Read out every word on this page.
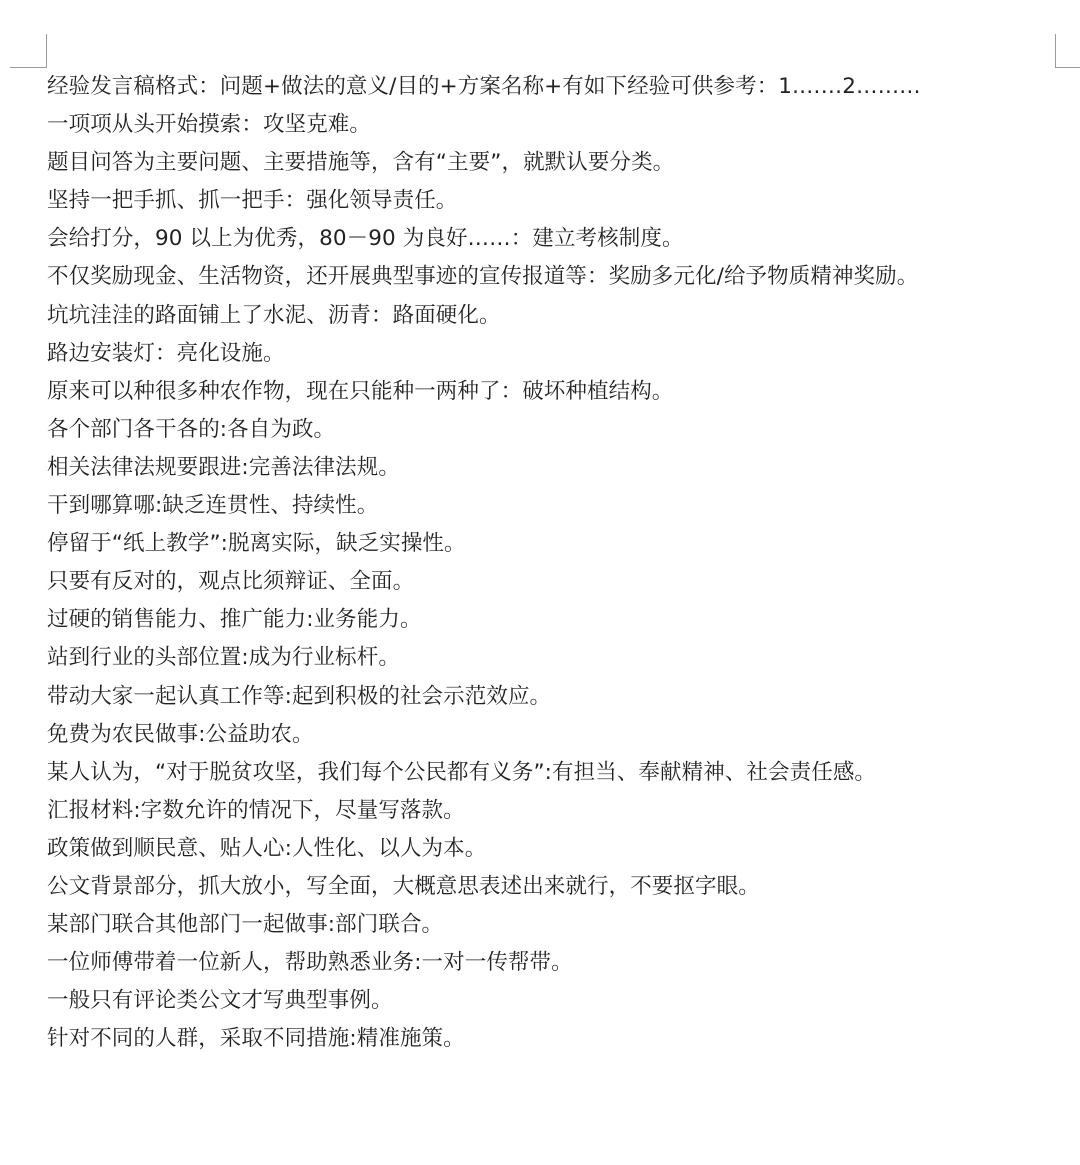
经验发言稿格式：问题+做法的意义/目的+方案名称+有如下经验可供参考：1.……2………
一项项从头开始摸索：攻坚克难。
题目问答为主要问题、主要措施等，含有“主要”，就默认要分类。
坚持一把手抓、抓一把手：强化领导责任。
会给打分，90 以上为优秀，80－90 为良好……：建立考核制度。
不仅奖励现金、生活物资，还开展典型事迹的宣传报道等：奖励多元化/给予物质精神奖励。
坑坑洼洼的路面铺上了水泥、沥青：路面硬化。
路边安装灯：亮化设施。
原来可以种很多种农作物，现在只能种一两种了：破坏种植结构。
各个部门各干各的:各自为政。
相关法律法规要跟进:完善法律法规。
干到哪算哪:缺乏连贯性、持续性。
停留于“纸上教学”:脱离实际，缺乏实操性。
只要有反对的，观点比须辩证、全面。
过硬的销售能力、推广能力:业务能力。
站到行业的头部位置:成为行业标杆。
带动大家一起认真工作等:起到积极的社会示范效应。
免费为农民做事:公益助农。
某人认为，“对于脱贫攻坚，我们每个公民都有义务”:有担当、奉献精神、社会责任感。
汇报材料:字数允许的情况下，尽量写落款。
政策做到顺民意、贴人心:人性化、以人为本。
公文背景部分，抓大放小，写全面，大概意思表述出来就行，不要抠字眼。
某部门联合其他部门一起做事:部门联合。
一位师傅带着一位新人，帮助熟悉业务:一对一传帮带。
一般只有评论类公文才写典型事例。
针对不同的人群，采取不同措施:精准施策。
